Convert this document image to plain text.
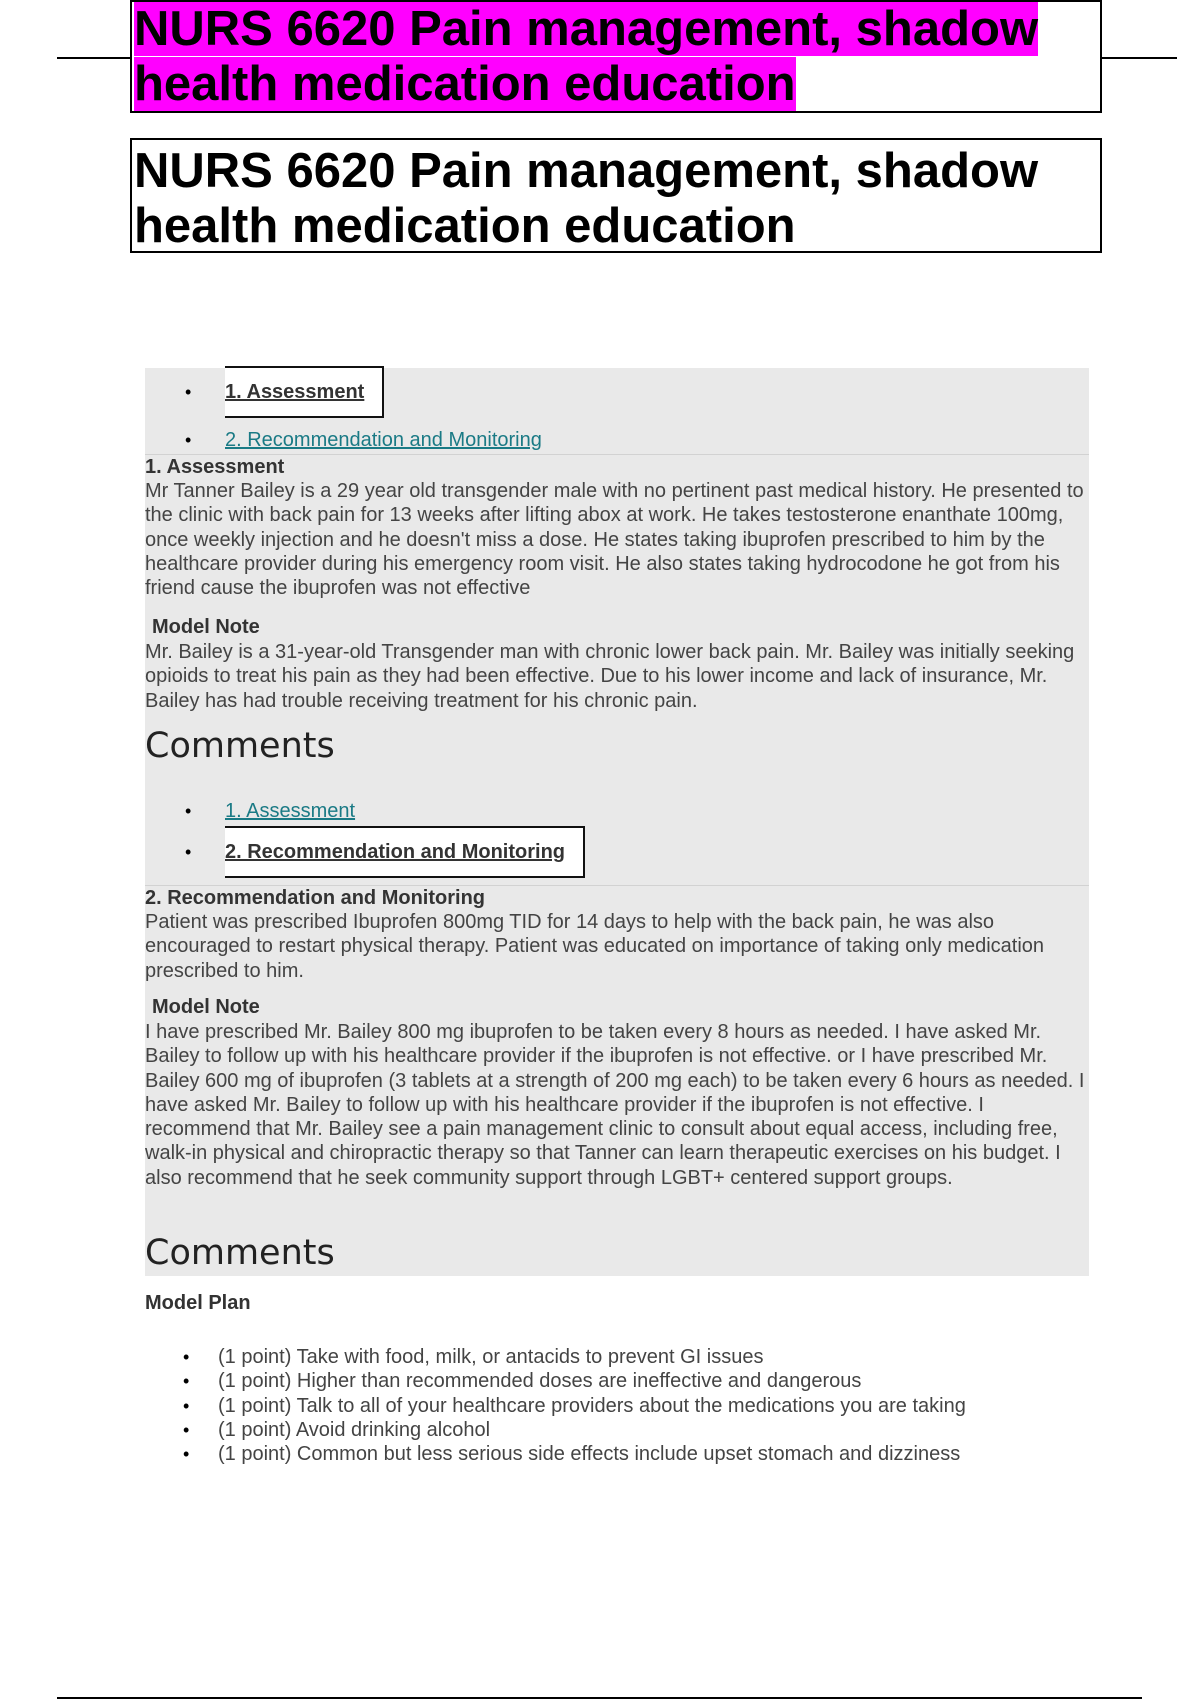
NURS 6620 Pain management, shadow
health medication education

NURS 6620 Pain management, shadow
health medication education

•	1. Assessment
•	2. Recommendation and Monitoring
1. Assessment
Mr Tanner Bailey is a 29 year old transgender male with no pertinent past medical history. He presented to the clinic with back pain for 13 weeks after lifting abox at work. He takes testosterone enanthate 100mg, once weekly injection and he doesn't miss a dose. He states taking ibuprofen prescribed to him by the healthcare provider during his emergency room visit. He also states taking hydrocodone he got from his friend cause the ibuprofen was not effective
Model Note
Mr. Bailey is a 31-year-old Transgender man with chronic lower back pain. Mr. Bailey was initially seeking opioids to treat his pain as they had been effective. Due to his lower income and lack of insurance, Mr. Bailey has had trouble receiving treatment for his chronic pain.
Comments
•	1. Assessment
•	2. Recommendation and Monitoring
2. Recommendation and Monitoring
Patient was prescribed Ibuprofen 800mg TID for 14 days to help with the back pain, he was also encouraged to restart physical therapy. Patient was educated on importance of taking only medication prescribed to him.
Model Note
I have prescribed Mr. Bailey 800 mg ibuprofen to be taken every 8 hours as needed. I have asked Mr. Bailey to follow up with his healthcare provider if the ibuprofen is not effective. or I have prescribed Mr. Bailey 600 mg of ibuprofen (3 tablets at a strength of 200 mg each) to be taken every 6 hours as needed. I have asked Mr. Bailey to follow up with his healthcare provider if the ibuprofen is not effective. I recommend that Mr. Bailey see a pain management clinic to consult about equal access, including free, walk-in physical and chiropractic therapy so that Tanner can learn therapeutic exercises on his budget. I also recommend that he seek community support through LGBT+ centered support groups.
Comments
Model Plan
•	(1 point) Take with food, milk, or antacids to prevent GI issues
•	(1 point) Higher than recommended doses are ineffective and dangerous
•	(1 point) Talk to all of your healthcare providers about the medications you are taking
•	(1 point) Avoid drinking alcohol
•	(1 point) Common but less serious side effects include upset stomach and dizziness
